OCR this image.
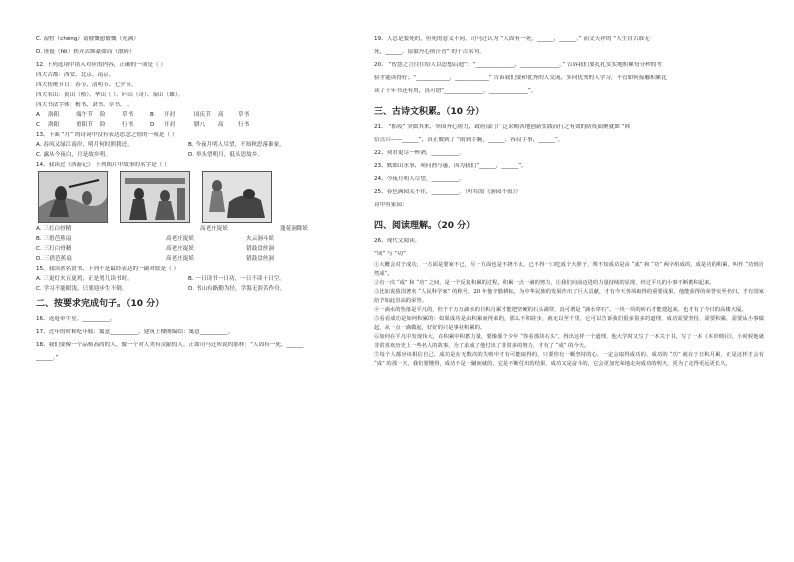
C. 湿暂（chéng）请催慨慰敏慨（充满）
D. 匪挺（fěi）挟弄去绑豪如而（散碎）
12. 下列选项中错入对应的内容，正确的一项是（ ）
四大古都：西安、北京、南京。
四大传统节日：春节、清明节、七夕节。
四大名山：黄山（格）、华山（ ）、庐山（奇）、泰山（雄）。
四大书法字体：楷书、隶书、草书、 。
A	洛阳	端午节	险	草书	B	开封	国庆节	高	草书
C	洛阳	重阳节	险	行书	D	开封	腊八	高	行书
13、下面 “月” 的诗词中没有表达思念之情的一项是（ ）
A. 春风又绿江南岸，明月何时照我还。	B. 今夜月明人尽望，不知秋思落谁家。
C. 露从今夜白，月是故乡明。	D. 举头望明月，低头思故乡。
14、我读过《西游记》 下列图片中故事的名字是（ ）
A. 三打白骨精	高老庄捉妖	蓬花洞降妖
B. 三借芭蕉扇	高老庄捉妖	火云洞斗妖
C. 三打白骨精	高老庄捉妖	错鼓盘丝洞
D. 三借芭蕉扇	高老庄捉妖	错鼓盘丝洞
15、我国著名贤书，下列不是最经表达的一副对联是（ ）
A. 三更灯火五更鸡，正是男儿读书时。	B. 一日读书一日功，一日不读十日空。
C. 学习不能眼浅，只要迎步生不倒。	D. 书山有路勤为径，学海无涯苦作舟。
二、按要求完成句子。（10 分）
16、返返牵牛星。__________。
17、过年的时候吃年糕：寓意__________，建筑上楼阁编结：寓意__________。
18、我们要像一个品格高尚的人，做一个对人类有贡献的人。正如司马迁所说的那样：“人固有一死，______
______。”
19、人总是要死的，但死的意义不同。司马迁认为 “人固有一死，______，______。” 而文天祥的 “人生自古谁无
死，______，留取丹心照汗青” 的千古名句。
20、 “智慧之言往往给人以思想启迪”：“______________，______________。” 告诉我们要扎扎实实地积累每分秒的考
验才能谈得好；“____________，____________” 告诉我们要和优秀的人交流，多向优秀的人学习，不管如何接触积累比
读了十年书还有用，真可谓“______________，______________”。
三、古诗文积累。（10 分）
21、 “抓疫” 突如其来，举国齐心协力，政府部门广泛采购各地创新实践而行之有效的防疫面聚就如 “韩
信点兵——______”，真正做到了 “雨到手腕，______；容局手事，______”。
22、劝君更尽一杯酒，__________。
23、默如山水事，须问渔与惠，因为我们“______，______”。
24、今夜月明人尽望，__________。
25、春色满园关不住，__________。（叶绍翁《游园不值》）
诗中有家园：
四、阅读理解。（20 分）
26、现代文阅读。
“成” 与 “功”

①大概会对于成功，一方面是要家不已，另一方面也是不挠不太，已不得一口吃成个大胖子，殊不知成功是由 “成” 和 “功” 两字组成的，成是功的积累，叫作 “功到自然成”。

②有一次 “成” 和 “功” 之间，是一个反复积累的过程，积累一点一滴的努力，让我们向前迈进的力量持续的显现，经过平凡的小事不断蓄积起来。

③比如说我国著名 “人民科学家” 的称号，20 年他辛勤耕耘，为中华民族的发展作出了巨大贡献，才有今天各项取得的重要成果，他能获得的荣誉实至名归。才有国家给予如此崇高的荣誉。

④一滴水的坠落是平凡的，但千千万万滴水的日积月累才能把坚硬的石头滴穿，真可谓是 “滴水穿石”。一块一块的砖石才能建起来，也才有了今日的高楼大厦。

⑤看看成功是如何积累的：如果成功是由积累而得来的，那么不积跬步，就无以至千里，它可以告诉我们很多很多的道理，成功需要坚持，需要积累，需要从小事做起，从一点一滴做起，好好的只是事业积累的。

⑥如何在平凡中发现伟大，在积累中积蓄力量，要像那个少年 “你看那块石头”，得出这样一个道理，他大学时又写了一本关于书，写了一本《本草纲目》，小时候他就非常喜欢历史上一些名人的故事，为了求成了他付出了非常多的努力，才有了 “成” 的今天。

⑦每个人都应该相信自己，成功是在无数次的失败中才有可能取得的，只要你有一颗坚持的心，一定会取得成功的，成功的 “功” 就在于日积月累，正是这样才会有 “成” 的那一天，我们要懂得，成功不是一蹴而就的，它是不断付出的结果，成功又是奋斗的，它会更加光荣地走向成功的明天，更为了走得更远更长久。
